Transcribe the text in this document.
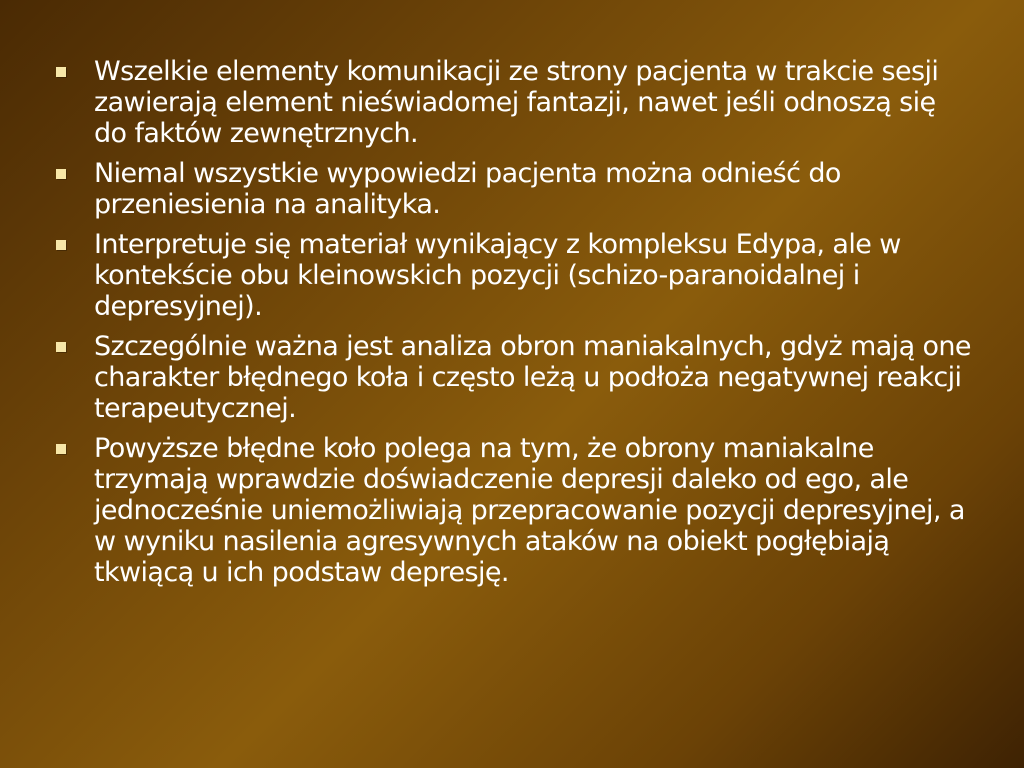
Wszelkie elementy komunikacji ze strony pacjenta w trakcie sesji zawierają element nieświadomej fantazji, nawet jeśli odnoszą się do faktów zewnętrznych.
Niemal wszystkie wypowiedzi pacjenta można odnieść do przeniesienia na analityka.
Interpretuje się materiał wynikający z kompleksu Edypa, ale w kontekście obu kleinowskich pozycji (schizo-paranoidalnej i depresyjnej).
Szczególnie ważna jest analiza obron maniakalnych, gdyż mają one charakter błędnego koła i często leżą u podłoża negatywnej reakcji terapeutycznej.
Powyższe błędne koło polega na tym, że obrony maniakalne trzymają wprawdzie doświadczenie depresji daleko od ego, ale jednocześnie uniemożliwiają przepracowanie pozycji depresyjnej, a w wyniku nasilenia agresywnych ataków na obiekt pogłębiają tkwiącą u ich podstaw depresję.
